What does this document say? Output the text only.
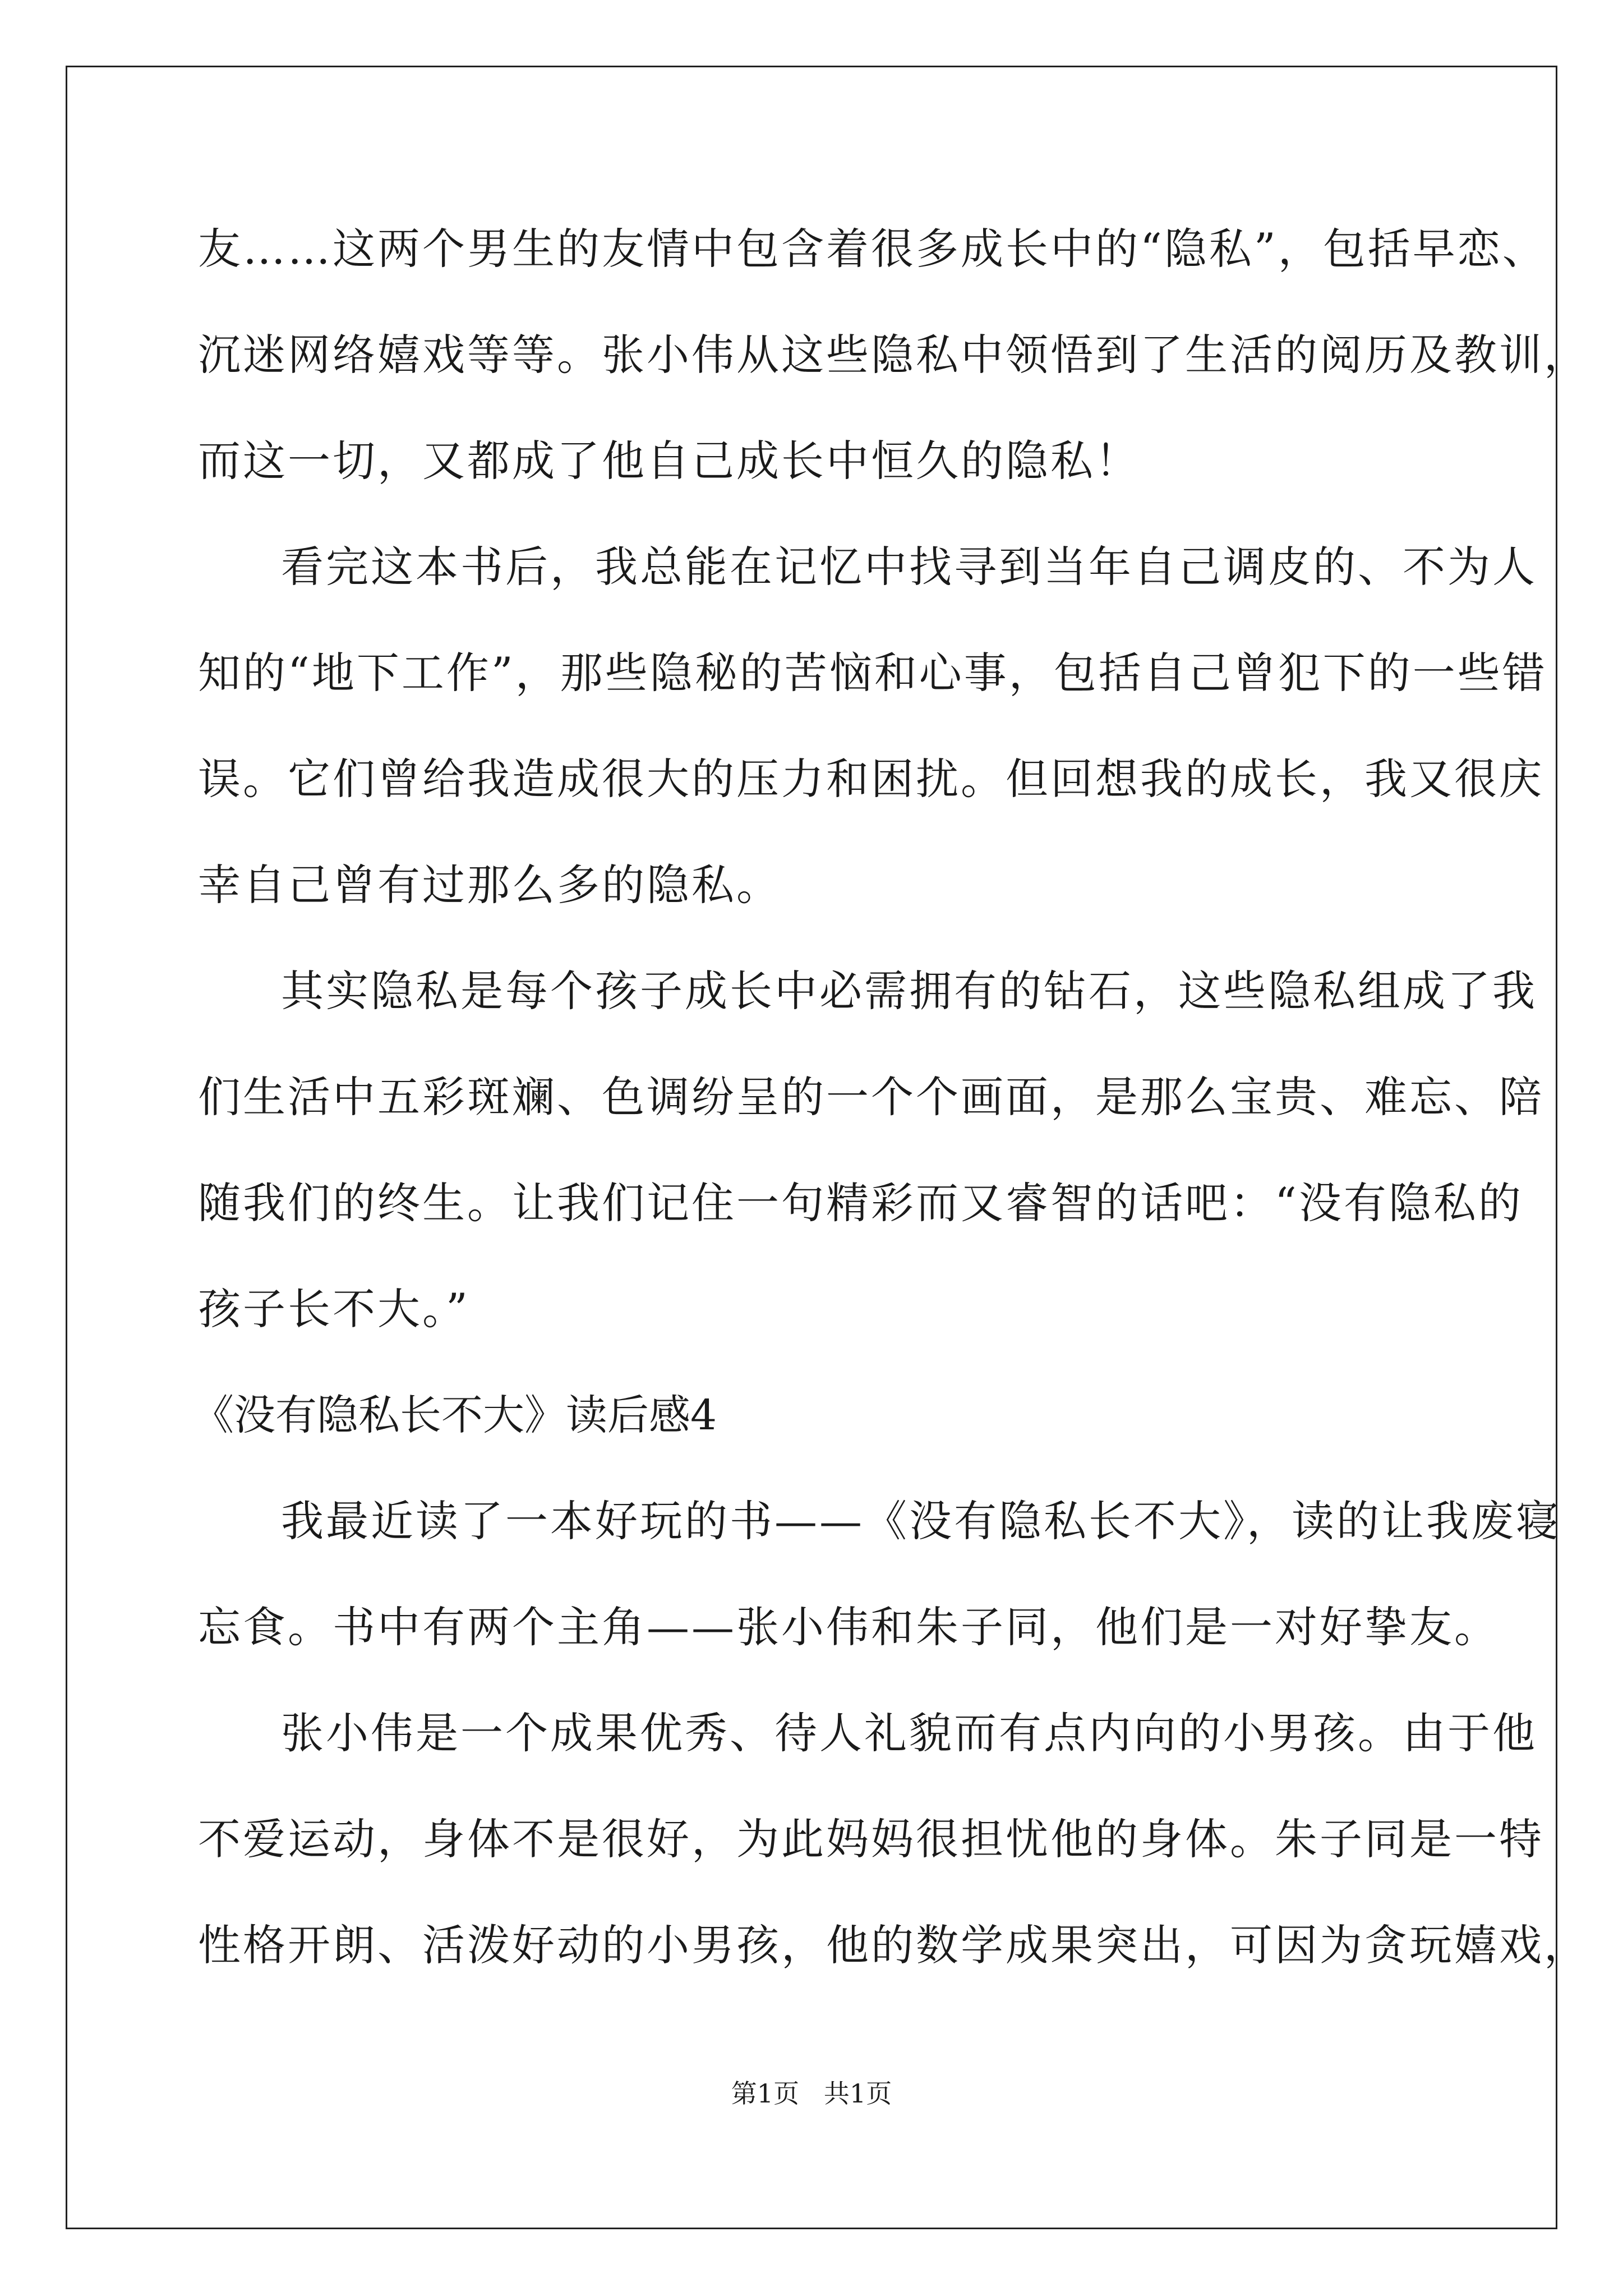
友……这两个男生的友情中包含着很多成长中的“隐私”，包括早恋、
沉迷网络嬉戏等等。张小伟从这些隐私中领悟到了生活的阅历及教训，
而这一切，又都成了他自己成长中恒久的隐私！
看完这本书后，我总能在记忆中找寻到当年自己调皮的、不为人
知的“地下工作”，那些隐秘的苦恼和心事，包括自己曾犯下的一些错
误。它们曾给我造成很大的压力和困扰。但回想我的成长，我又很庆
幸自己曾有过那么多的隐私。
其实隐私是每个孩子成长中必需拥有的钻石，这些隐私组成了我
们生活中五彩斑斓、色调纷呈的一个个画面，是那么宝贵、难忘、陪
随我们的终生。让我们记住一句精彩而又睿智的话吧：“没有隐私的
孩子长不大。”
《没有隐私长不大》读后感4
我最近读了一本好玩的书——《没有隐私长不大》，读的让我废寝
忘食。书中有两个主角——张小伟和朱子同，他们是一对好挚友。
张小伟是一个成果优秀、待人礼貌而有点内向的小男孩。由于他
不爱运动，身体不是很好，为此妈妈很担忧他的身体。朱子同是一特
性格开朗、活泼好动的小男孩，他的数学成果突出，可因为贪玩嬉戏，
第1页   共1页
